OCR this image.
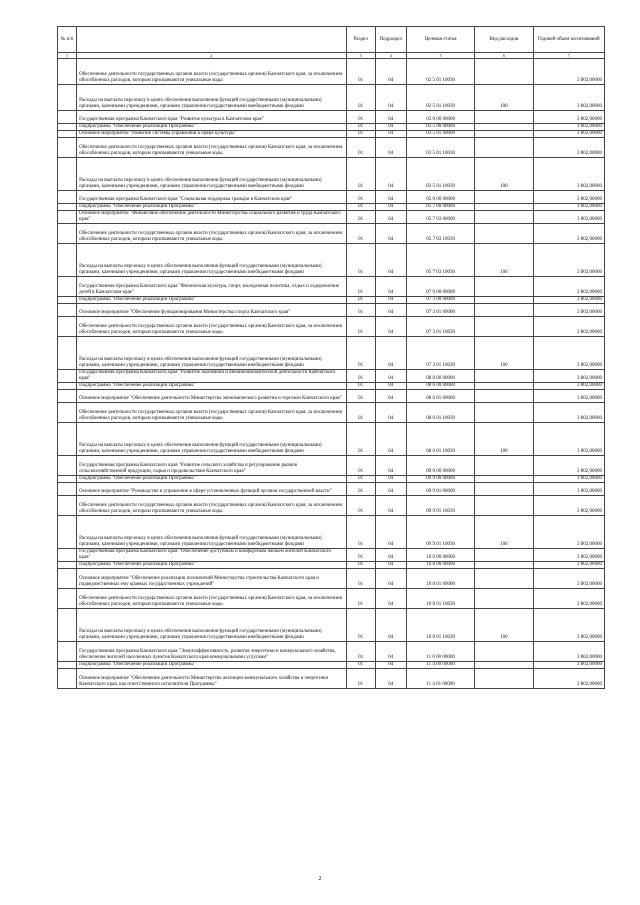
№ п/п		Раздел	Подраздел	Целевая статья	Вид расходов	Годовой объем ассигнований
1	2	3	4	5	6	7
	Обеспечение деятельности государственных органов власти (государственных органов) Камчатского края, за исключением обособленных расходов, которым присваиваются уникальные коды	01	04	02 5 01 10030		3 802,00000
	Расходы на выплаты персоналу в целях обеспечения выполнения функций государственными (муниципальными) органами, казенными учреждениями, органами управления государственными внебюджетными фондами	01	04	02 5 01 10030	100	3 802,00000
	Государственная программа Камчатского края "Развитие культуры в Камчатском крае"	01	04	03 0 00 00000		3 802,00000
	Подпрограмма "Обеспечение реализации Программы"	01	04	03 5 00 00000		3 802,00000
	Основное мероприятие "Развитие системы управления в сфере культуры"	01	04	03 5 01 00000		3 802,00000
	Обеспечение деятельности государственных органов власти (государственных органов) Камчатского края, за исключением обособленных расходов, которым присваиваются уникальные коды	01	04	03 5 01 10030		3 802,00000
	Расходы на выплаты персоналу в целях обеспечения выполнения функций государственными (муниципальными) органами, казенными учреждениями, органами управления государственными внебюджетными фондами	01	04	03 5 01 10030	100	3 802,00000
	Государственная программа Камчатского края "Социальная поддержка граждан в Камчатском крае"	01	04	05 0 00 00000		3 802,00000
	Подпрограмма "Обеспечение реализации Программы"	01	04	05 7 00 00000		3 802,00000
	Основное мероприятие "Финансовое обеспечение деятельности Министерства социального развития и труда Камчатского края"	01	04	05 7 03 00000		3 802,00000
	Обеспечение деятельности государственных органов власти (государственных органов) Камчатского края, за исключением обособленных расходов, которым присваиваются уникальные коды	01	04	05 7 03 10030		3 802,00000
	Расходы на выплаты персоналу в целях обеспечения выполнения функций государственными (муниципальными) органами, казенными учреждениями, органами управления государственными внебюджетными фондами	01	04	05 7 03 10030	100	3 802,00000
	Государственная программа Камчатского края "Физическая культура, спорт, молодежная политика, отдых и оздоровление детей в Камчатском крае"	01	04	07 0 00 00000		3 802,00000
	Подпрограмма "Обеспечение реализации Программы"	01	04	07 3 00 00000		3 802,00000
	Основное мероприятие "Обеспечение функционирования Министерства спорта Камчатского края"	01	04	07 3 01 00000		3 802,00000
	Обеспечение деятельности государственных органов власти (государственных органов) Камчатского края, за исключением обособленных расходов, которым присваиваются уникальные коды	01	04	07 3 01 10030		3 802,00000
	Расходы на выплаты персоналу в целях обеспечения выполнения функций государственными (муниципальными) органами, казенными учреждениями, органами управления государственными внебюджетными фондами	01	04	07 3 01 10030	100	3 802,00000
	Государственная программа Камчатского края "Развитие экономики и внешнеэкономической деятельности Камчатского края"	01	04	08 0 00 00000		3 802,00000
	Подпрограмма "Обеспечение реализации Программы"	01	04	08 6 00 00000		3 802,00000
	Основное мероприятие "Обеспечение деятельности Министерства экономического развития и торговли Камчатского края"	01	04	08 6 01 00000		3 802,00000
	Обеспечение деятельности государственных органов власти (государственных органов) Камчатского края, за исключением обособленных расходов, которым присваиваются уникальные коды	01	04	08 6 01 10030		3 802,00000
	Расходы на выплаты персоналу в целях обеспечения выполнения функций государственными (муниципальными) органами, казенными учреждениями, органами управления государственными внебюджетными фондами	01	04	08 6 01 10030	100	3 802,00000
	Государственная программа Камчатского края "Развитие сельского хозяйства и регулирование рынков сельскохозяйственной продукции, сырья и продовольствия Камчатского края"	01	04	09 0 00 00000		3 802,00000
	Подпрограмма "Обеспечение реализации Программы"	01	04	09 9 00 00000		3 802,00000
	Основное мероприятие "Руководство и управление в сфере установленных функций органов государственной власти"	01	04	09 9 01 00000		3 802,00000
	Обеспечение деятельности государственных органов власти (государственных органов) Камчатского края, за исключением обособленных расходов, которым присваиваются уникальные коды	01	04	09 9 01 10030		3 802,00000
	Расходы на выплаты персоналу в целях обеспечения выполнения функций государственными (муниципальными) органами, казенными учреждениями, органами управления государственными внебюджетными фондами	01	04	09 9 01 10030	100	3 802,00000
	Государственная программа Камчатского края "Обеспечение доступным и комфортным жильем жителей Камчатского края"	01	04	10 0 00 00000		3 802,00000
	Подпрограмма "Обеспечение реализации Программы"	01	04	10 8 00 00000		3 802,00000
	Основное мероприятие "Обеспечение реализации полномочий Министерства строительства Камчатского края и подведомственных ему краевых государственных учреждений"	01	04	10 8 01 00000		3 802,00000
	Обеспечение деятельности государственных органов власти (государственных органов) Камчатского края, за исключением обособленных расходов, которым присваиваются уникальные коды	01	04	10 8 01 10030		3 802,00000
	Расходы на выплаты персоналу в целях обеспечения выполнения функций государственными (муниципальными) органами, казенными учреждениями, органами управления государственными внебюджетными фондами	01	04	10 8 01 10030	100	3 802,00000
	Государственная программа Камчатского края "Энергоэффективность, развитие энергетики и коммунального хозяйства, обеспечение жителей населенных пунктов Камчатского края коммунальными услугами"	01	04	11 0 00 00000		3 802,00000
	Подпрограмма "Обеспечение реализации Программы"	01	04	11 4 00 00000		3 802,00000
	Основное мероприятие "Обеспечение деятельности Министерства жилищно-коммунального хозяйства и энергетики Камчатского края, как ответственного исполнителя Программы"	01	04	11 4 01 00000		3 802,00000
2
